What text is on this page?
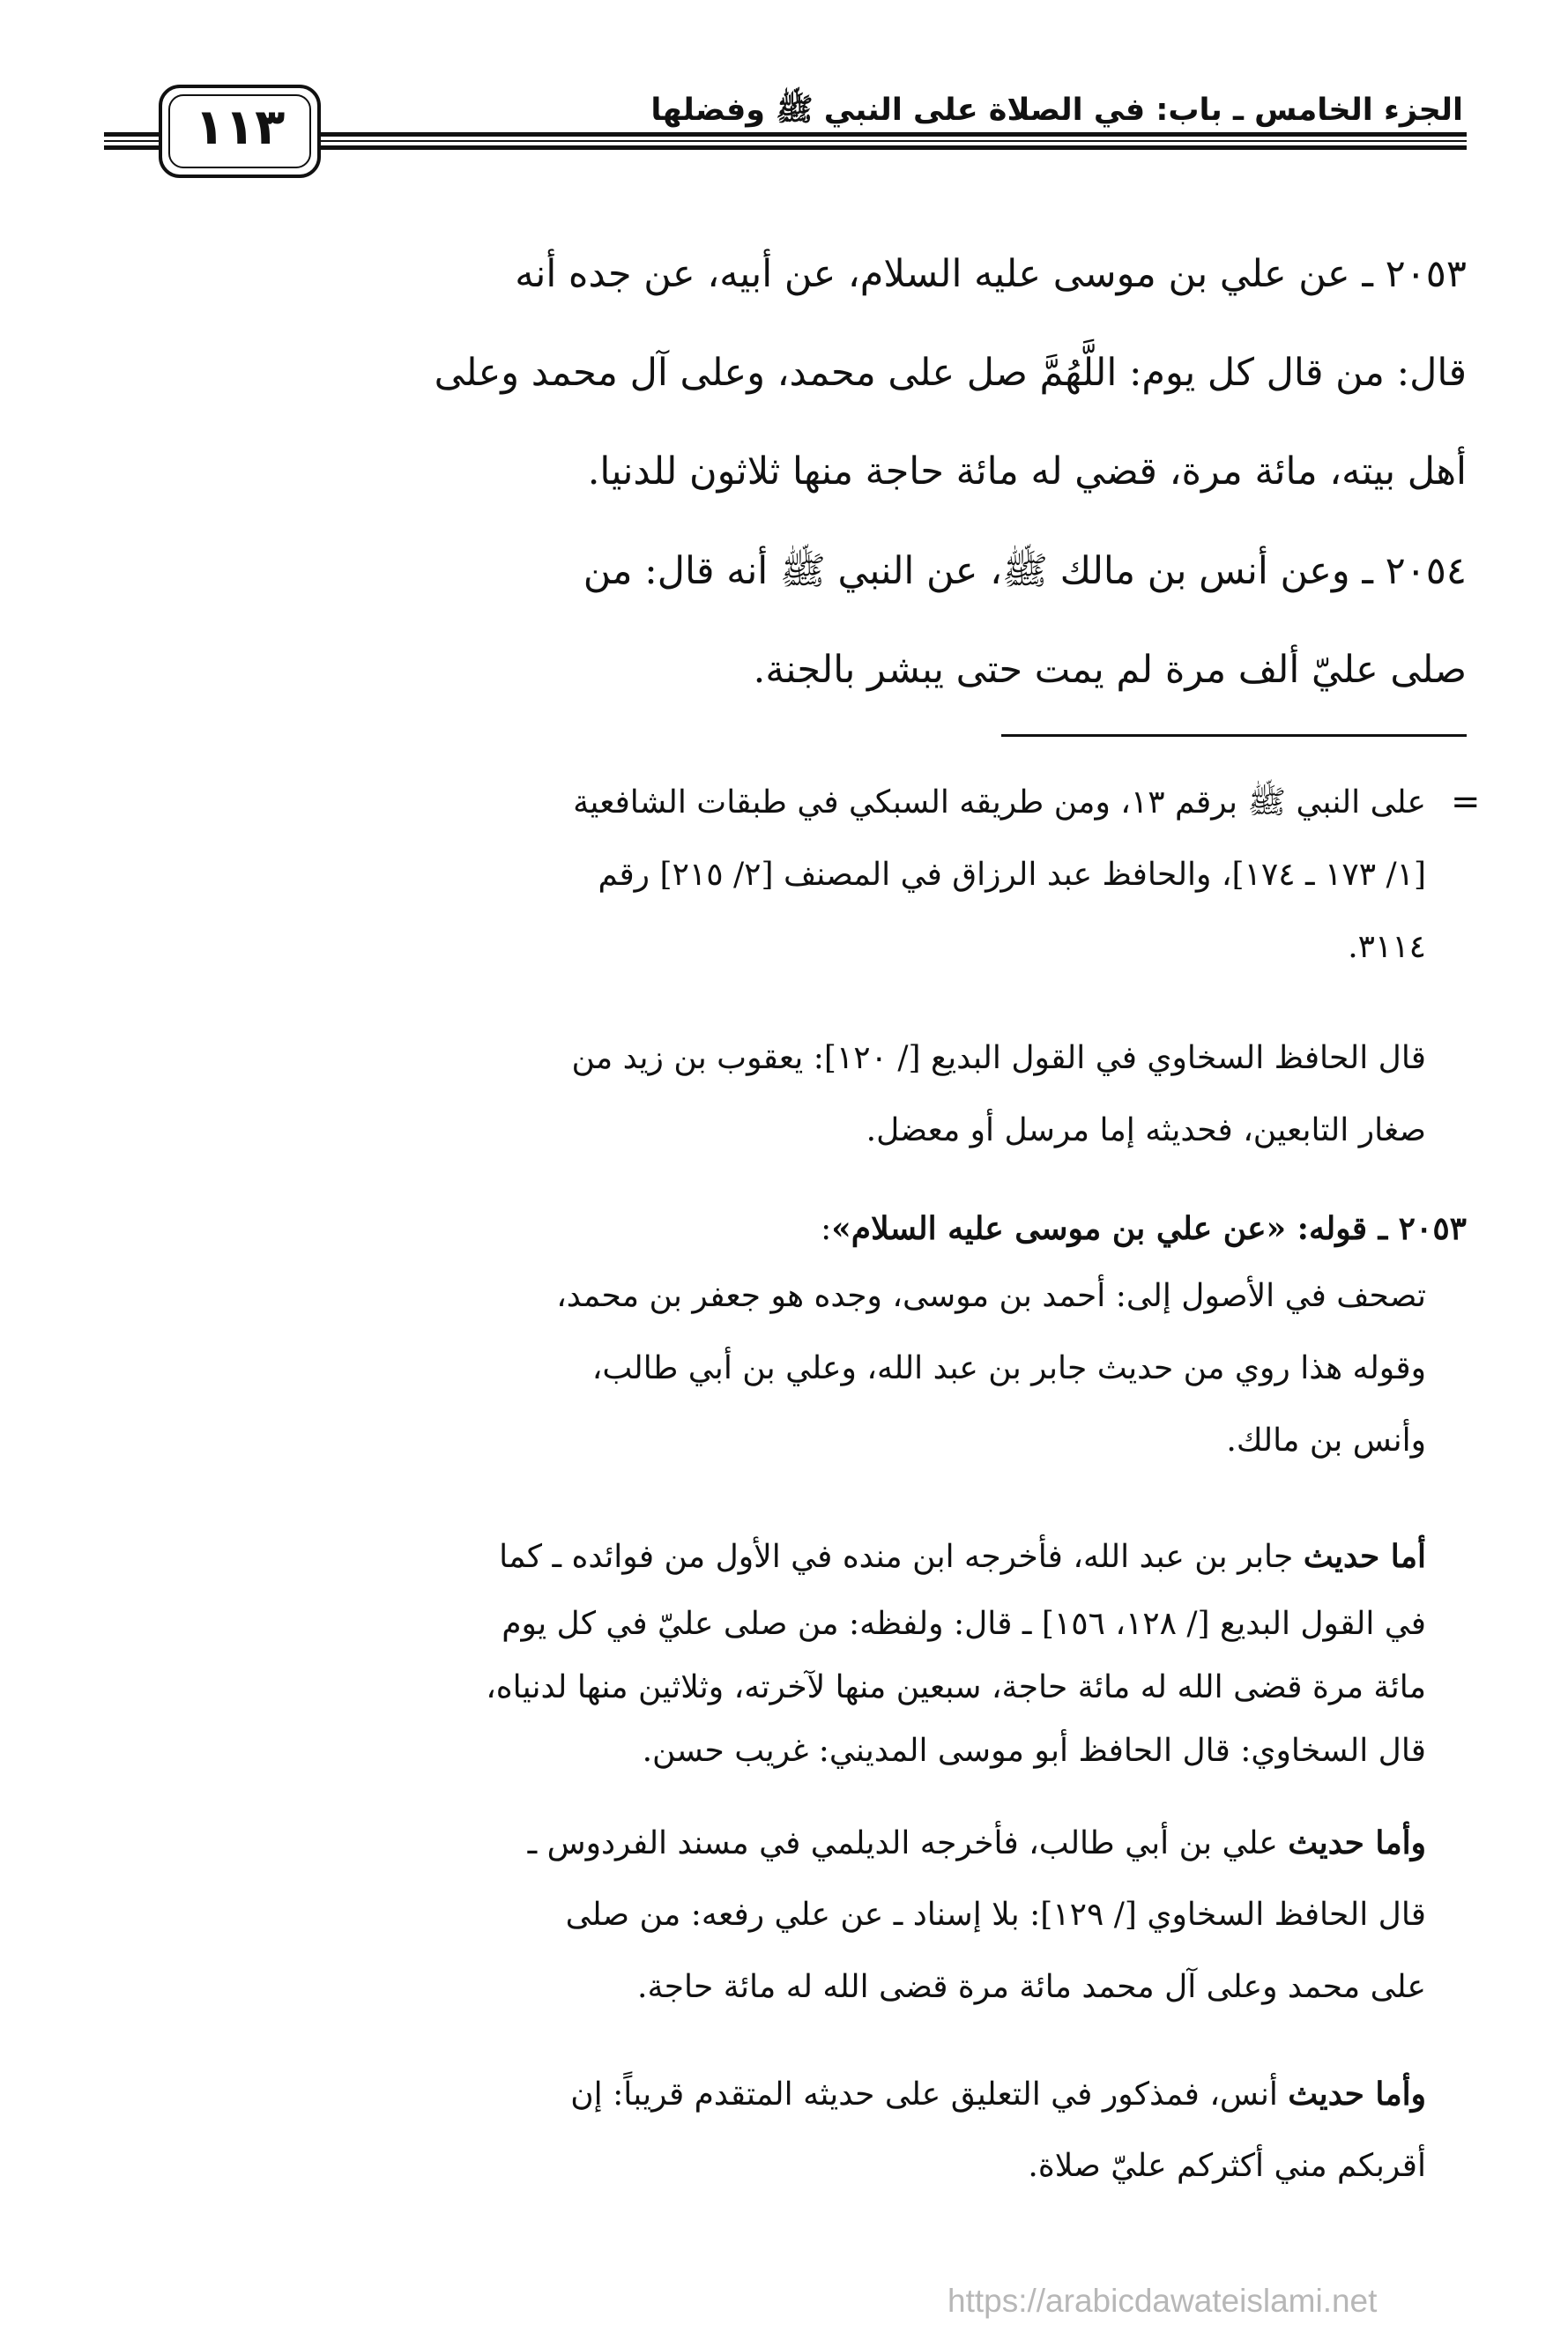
الجزء الخامس ـ باب: في الصلاة على النبي ﷺ وفضلها
١١٣
٢٠٥٣ ـ عن علي بن موسى عليه السلام، عن أبيه، عن جده أنه
قال: من قال كل يوم: اللَّهُمَّ صل على محمد، وعلى آل محمد وعلى
أهل بيته، مائة مرة، قضي له مائة حاجة منها ثلاثون للدنيا.
٢٠٥٤ ـ وعن أنس بن مالك ﷺ، عن النبي ﷺ أنه قال: من
صلى عليّ ألف مرة لم يمت حتى يبشر بالجنة.
=
على النبي ﷺ برقم ١٣، ومن طريقه السبكي في طبقات الشافعية
[١/ ١٧٣ ـ ١٧٤]، والحافظ عبد الرزاق في المصنف [٢/ ٢١٥] رقم
٣١١٤.
قال الحافظ السخاوي في القول البديع [/ ١٢٠]: يعقوب بن زيد من
صغار التابعين، فحديثه إما مرسل أو معضل.
٢٠٥٣ ـ قوله: «عن علي بن موسى عليه السلام»:
تصحف في الأصول إلى: أحمد بن موسى، وجده هو جعفر بن محمد،
وقوله هذا روي من حديث جابر بن عبد الله، وعلي بن أبي طالب،
وأنس بن مالك.
أما حديث جابر بن عبد الله، فأخرجه ابن منده في الأول من فوائده ـ كما
في القول البديع [/ ١٢٨، ١٥٦] ـ قال: ولفظه: من صلى عليّ في كل يوم
مائة مرة قضى الله له مائة حاجة، سبعين منها لآخرته، وثلاثين منها لدنياه،
قال السخاوي: قال الحافظ أبو موسى المديني: غريب حسن.
وأما حديث علي بن أبي طالب، فأخرجه الديلمي في مسند الفردوس ـ
قال الحافظ السخاوي [/ ١٢٩]: بلا إسناد ـ عن علي رفعه: من صلى
على محمد وعلى آل محمد مائة مرة قضى الله له مائة حاجة.
وأما حديث أنس، فمذكور في التعليق على حديثه المتقدم قريباً: إن
أقربكم مني أكثركم عليّ صلاة.
https://arabicdawateislami.net
